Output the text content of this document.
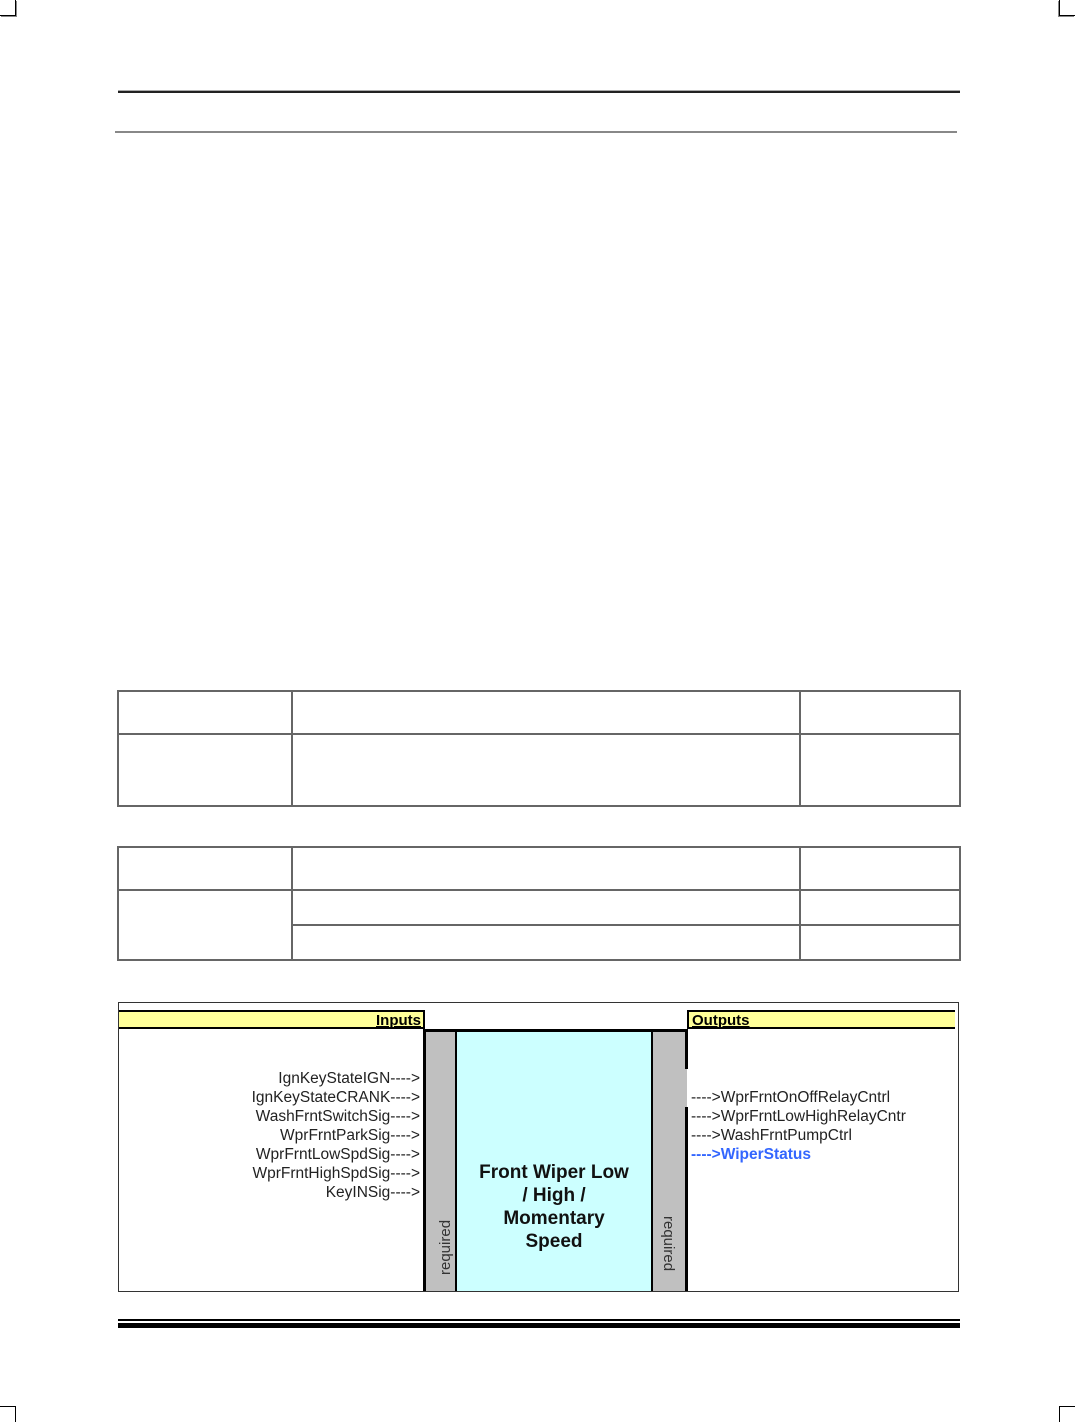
Inputs	Outputs
required
Front Wiper Low
/ High /
Momentary
Speed	required
IgnKeyStateIGN---->
IgnKeyStateCRANK---->
WashFrntSwitchSig---->
WprFrntParkSig---->
WprFrntLowSpdSig---->
WprFrntHighSpdSig---->
KeyINSig---->
---->WprFrntOnOffRelayCntrl
---->WprFrntLowHighRelayCntr
---->WashFrntPumpCtrl
---->WiperStatus
